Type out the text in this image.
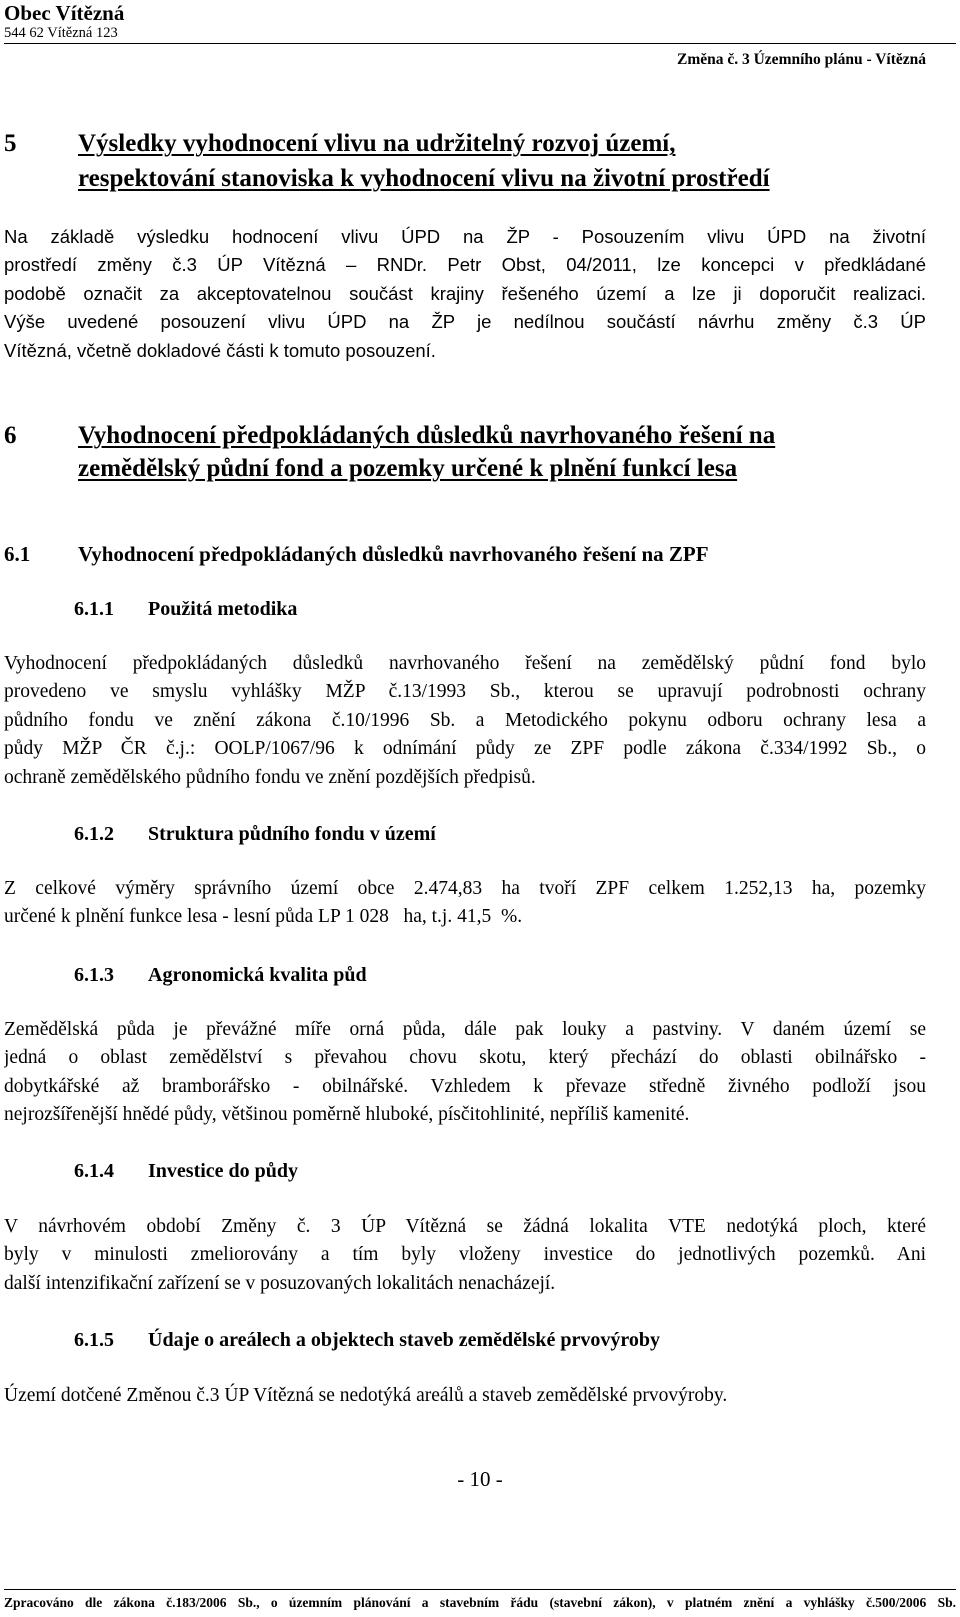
Obec Vítězná
544 62 Vítězná 123
Změna č. 3 Územního plánu - Vítězná
5 Výsledky vyhodnocení vlivu na udržitelný rozvoj území,
respektování stanoviska k vyhodnocení vlivu na životní prostředí
Na základě výsledku hodnocení vlivu ÚPD na ŽP - Posouzením vlivu ÚPD na životní
prostředí změny č.3 ÚP Vítězná – RNDr. Petr Obst, 04/2011, lze koncepci v předkládané
podobě označit za akceptovatelnou součást krajiny řešeného území a lze ji doporučit realizaci.
Výše uvedené posouzení vlivu ÚPD na ŽP je nedílnou součástí návrhu změny č.3 ÚP
Vítězná, včetně dokladové části k tomuto posouzení.
6 Vyhodnocení předpokládaných důsledků navrhovaného řešení na
zemědělský půdní fond a pozemky určené k plnění funkcí lesa
6.1 Vyhodnocení předpokládaných důsledků navrhovaného řešení na ZPF
6.1.1 Použitá metodika
Vyhodnocení předpokládaných důsledků navrhovaného řešení na zemědělský půdní fond bylo
provedeno ve smyslu vyhlášky MŽP č.13/1993 Sb., kterou se upravují podrobnosti ochrany
půdního fondu ve znění zákona č.10/1996 Sb. a Metodického pokynu odboru ochrany lesa a
půdy MŽP ČR č.j.: OOLP/1067/96 k odnímání půdy ze ZPF podle zákona č.334/1992 Sb., o
ochraně zemědělského půdního fondu ve znění pozdějších předpisů.
6.1.2 Struktura půdního fondu v území
Z celkové výměry správního území obce 2.474,83 ha tvoří ZPF celkem 1.252,13 ha, pozemky
určené k plnění funkce lesa - lesní půda LP 1 028   ha, t.j. 41,5  %.
6.1.3 Agronomická kvalita půd
Zemědělská půda je převážné míře orná půda, dále pak louky a pastviny. V daném území se
jedná o oblast zemědělství s převahou chovu skotu, který přechází do oblasti obilnářsko -
dobytkářské až bramborářsko - obilnářské. Vzhledem k převaze středně živného podloží jsou
nejrozšířenější hnědé půdy, většinou poměrně hluboké, písčitohlinité, nepříliš kamenité.
6.1.4 Investice do půdy
V návrhovém období Změny č. 3 ÚP Vítězná se žádná lokalita VTE nedotýká ploch, které
byly v minulosti zmeliorovány a tím byly vloženy investice do jednotlivých pozemků. Ani
další intenzifikační zařízení se v posuzovaných lokalitách nenacházejí.
6.1.5 Údaje o areálech a objektech staveb zemědělské prvovýroby
Území dotčené Změnou č.3 ÚP Vítězná se nedotýká areálů a staveb zemědělské prvovýroby.
- 10 -
Zpracováno dle zákona č.183/2006 Sb., o územním plánování a stavebním řádu (stavební zákon), v platném znění a vyhlášky č.500/2006 Sb.
